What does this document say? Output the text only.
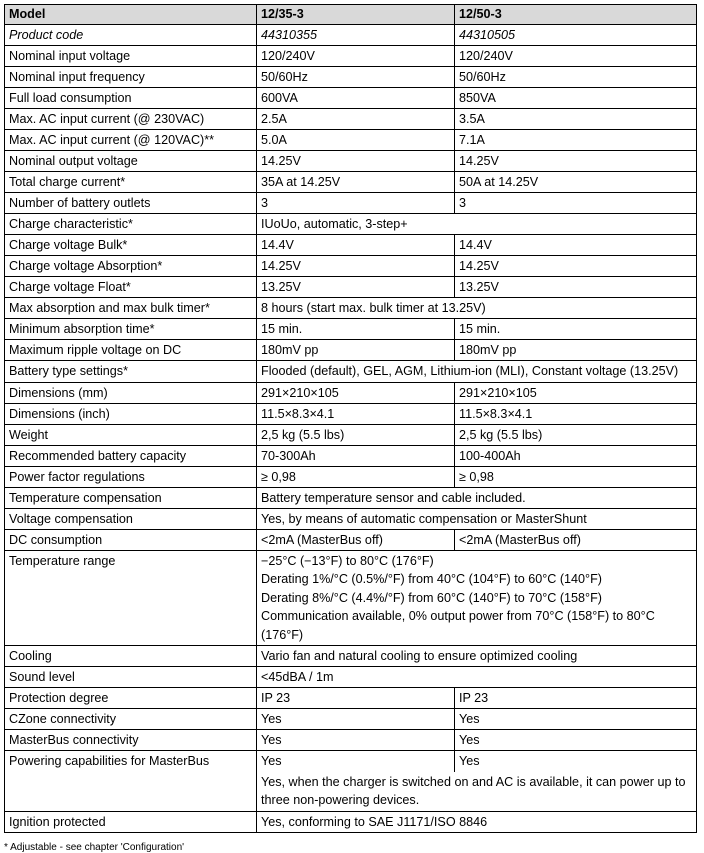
Model	12/35-3	12/50-3
Product code	44310355	44310505
Nominal input voltage	120/240V	120/240V
Nominal input frequency	50/60Hz	50/60Hz
Full load consumption	600VA	850VA
Max. AC input current (@ 230VAC)	2.5A	3.5A
Max. AC input current (@ 120VAC)**	5.0A	7.1A
Nominal output voltage	14.25V	14.25V
Total charge current*	35A at 14.25V	50A at 14.25V
Number of battery outlets	3	3
Charge characteristic*	IUoUo, automatic, 3-step+	
Charge voltage Bulk*	14.4V	14.4V
Charge voltage Absorption*	14.25V	14.25V
Charge voltage Float*	13.25V	13.25V
Max absorption and max bulk timer*	8 hours (start max. bulk timer at 13.25V)	
Minimum absorption time*	15 min.	15 min.
Maximum ripple voltage on DC	180mV pp	180mV pp
Battery type settings*	Flooded (default), GEL, AGM, Lithium-ion (MLI), Constant voltage (13.25V)	
Dimensions (mm)	291×210×105	291×210×105
Dimensions (inch)	11.5×8.3×4.1	11.5×8.3×4.1
Weight	2,5 kg (5.5 lbs)	2,5 kg (5.5 lbs)
Recommended battery capacity	70-300Ah	100-400Ah
Power factor regulations	≥ 0,98	≥ 0,98
Temperature compensation	Battery temperature sensor and cable included.	
Voltage compensation	Yes, by means of automatic compensation or MasterShunt	
DC consumption	<2mA (MasterBus off)	<2mA (MasterBus off)
Temperature range	−25°C (−13°F) to 80°C (176°F)
Derating 1%/°C (0.5%/°F) from 40°C (104°F) to 60°C (140°F)
Derating 8%/°C (4.4%/°F) from 60°C (140°F) to 70°C (158°F)
Communication available, 0% output power from 70°C (158°F) to 80°C (176°F)	

Cooling	Vario fan and natural cooling to ensure optimized cooling	
Sound level	<45dBA / 1m	
Protection degree	IP 23	IP 23
CZone connectivity	Yes	Yes
MasterBus connectivity	Yes	Yes
Powering capabilities for MasterBus	Yes	Yes
	Yes, when the charger is switched on and AC is available, it can power up to three non-powering devices.	
Ignition protected	Yes, conforming to SAE J1171/ISO 8846	
* Adjustable - see chapter 'Configuration'
